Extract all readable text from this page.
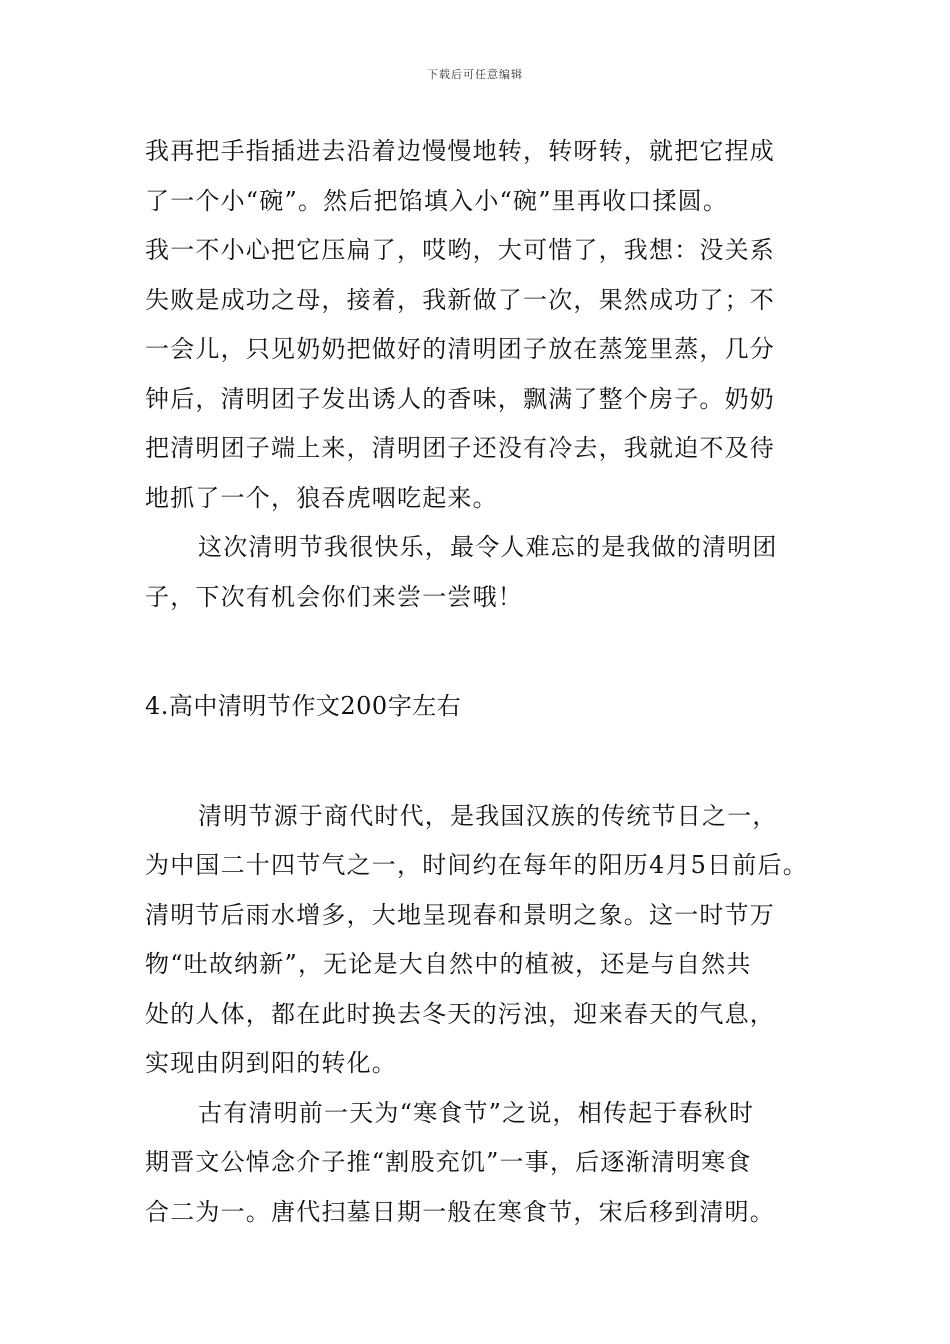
下载后可任意编辑
我再把手指插进去沿着边慢慢地转，转呀转，就把它捏成
了一个小“碗”。然后把馅填入小“碗”里再收口揉圆。
我一不小心把它压扁了，哎哟，大可惜了，我想：没关系
失败是成功之母，接着，我新做了一次，果然成功了；不
一会儿，只见奶奶把做好的清明团子放在蒸笼里蒸，几分
钟后，清明团子发出诱人的香味，飘满了整个房子。奶奶
把清明团子端上来，清明团子还没有冷去，我就迫不及待
地抓了一个，狼吞虎咽吃起来。
这次清明节我很快乐，最令人难忘的是我做的清明团
子，下次有机会你们来尝一尝哦！
4.高中清明节作文200字左右
清明节源于商代时代，是我国汉族的传统节日之一，
为中国二十四节气之一，时间约在每年的阳历4月5日前后。
清明节后雨水增多，大地呈现春和景明之象。这一时节万
物“吐故纳新”，无论是大自然中的植被，还是与自然共
处的人体，都在此时换去冬天的污浊，迎来春天的气息，
实现由阴到阳的转化。
古有清明前一天为“寒食节”之说，相传起于春秋时
期晋文公悼念介子推“割股充饥”一事，后逐渐清明寒食
合二为一。唐代扫墓日期一般在寒食节，宋后移到清明。
